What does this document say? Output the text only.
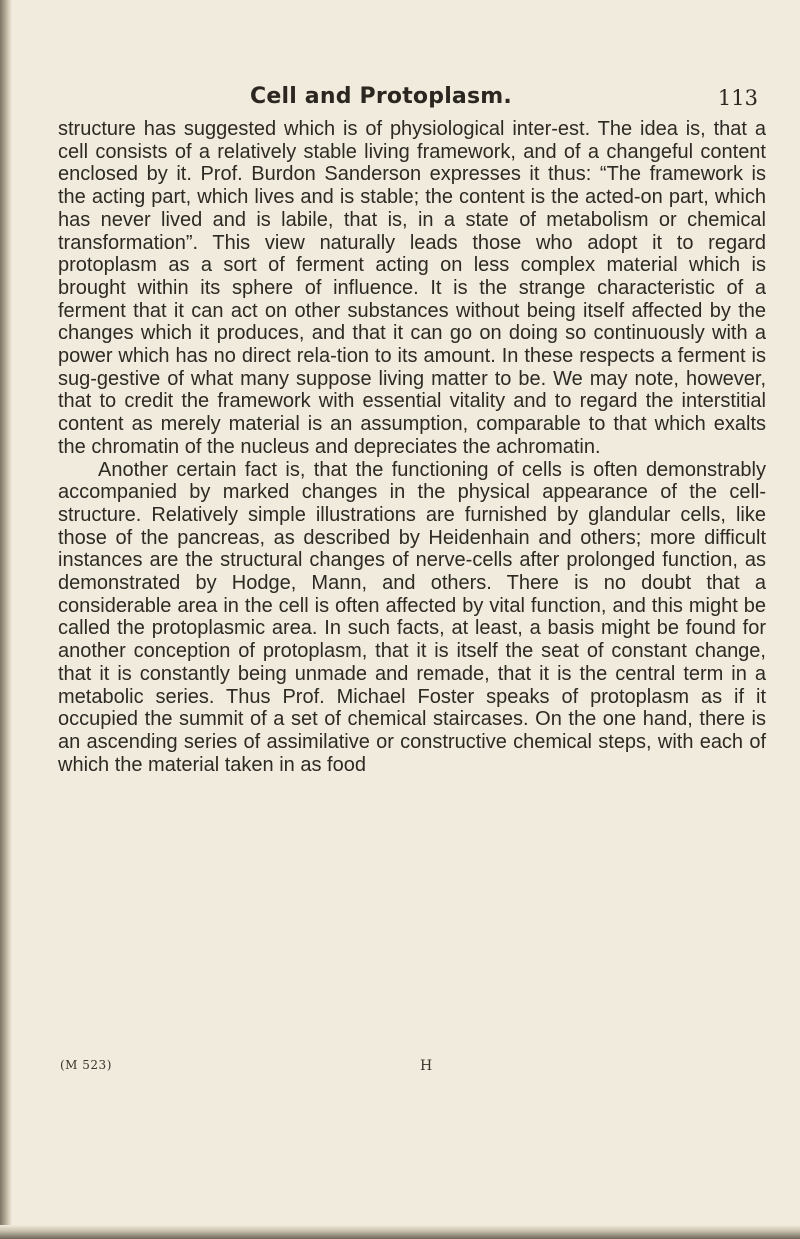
Cell and Protoplasm.	113

structure has suggested which is of physiological inter-est. The idea is, that a cell consists of a relatively stable living framework, and of a changeful content enclosed by it. Prof. Burdon Sanderson expresses it thus: “The framework is the acting part, which lives and is stable; the content is the acted-on part, which has never lived and is labile, that is, in a state of metabolism or chemical transformation”. This view naturally leads those who adopt it to regard protoplasm as a sort of ferment acting on less complex material which is brought within its sphere of influence. It is the strange characteristic of a ferment that it can act on other substances without being itself affected by the changes which it produces, and that it can go on doing so continuously with a power which has no direct rela-tion to its amount. In these respects a ferment is sug-gestive of what many suppose living matter to be. We may note, however, that to credit the framework with essential vitality and to regard the interstitial content as merely material is an assumption, comparable to that which exalts the chromatin of the nucleus and depreciates the achromatin.

Another certain fact is, that the functioning of cells is often demonstrably accompanied by marked changes in the physical appearance of the cell-structure. Relatively simple illustrations are furnished by glandular cells, like those of the pancreas, as described by Heidenhain and others; more difficult instances are the structural changes of nerve-cells after prolonged function, as demonstrated by Hodge, Mann, and others. There is no doubt that a considerable area in the cell is often affected by vital function, and this might be called the protoplasmic area. In such facts, at least, a basis might be found for another conception of protoplasm, that it is itself the seat of constant change, that it is constantly being unmade and remade, that it is the central term in a metabolic series. Thus Prof. Michael Foster speaks of protoplasm as if it occupied the summit of a set of chemical staircases. On the one hand, there is an ascending series of assimilative or constructive chemical steps, with each of which the material taken in as food

(M 523)	H
